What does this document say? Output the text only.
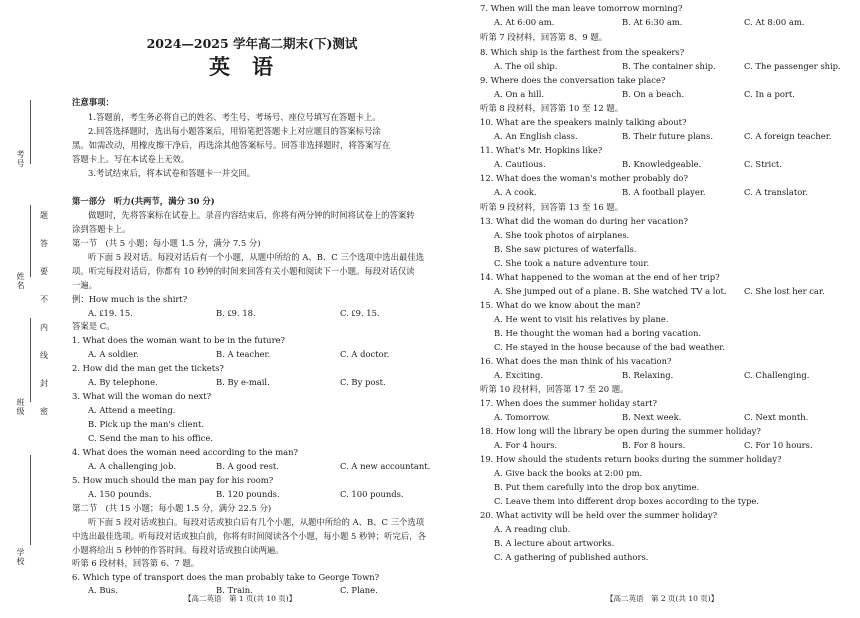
考号
姓名
班级
学校
题
答
要
不
内
线
封
密
2024—2025 学年高二期末(下)测试
英语
注意事项：
1.答题前，考生务必将自己的姓名、考生号、考场号、座位号填写在答题卡上。
2.回答选择题时，选出每小题答案后，用铅笔把答题卡上对应题目的答案标号涂
黑。如需改动，用橡皮擦干净后，再选涂其他答案标号。回答非选择题时，将答案写在
答题卡上。写在本试卷上无效。
3.考试结束后，将本试卷和答题卡一并交回。
第一部分　听力(共两节，满分 30 分)
做题时，先将答案标在试卷上。录音内容结束后，你将有两分钟的时间将试卷上的答案转
涂到答题卡上。
第一节　(共 5 小题；每小题 1.5 分，满分 7.5 分)
听下面 5 段对话。每段对话后有一个小题，从题中所给的 A、B、C 三个选项中选出最佳选
项。听完每段对话后，你都有 10 秒钟的时间来回答有关小题和阅读下一小题。每段对话仅读
一遍。
例：How much is the shirt?
A. ₤19. 15.	B. ₤9. 18.	C. ₤9. 15.
答案是 C。
1. What does the woman want to be in the future?
A. A soldier.	B. A teacher.	C. A doctor.
2. How did the man get the tickets?
A. By telephone.	B. By e-mail.	C. By post.
3. What will the woman do next?
A. Attend a meeting.
B. Pick up the man's client.
C. Send the man to his office.
4. What does the woman need according to the man?
A. A challenging job.	B. A good rest.	C. A new accountant.
5. How much should the man pay for his room?
A. 150 pounds.	B. 120 pounds.	C. 100 pounds.
第二节　(共 15 小题；每小题 1.5 分，满分 22.5 分)
听下面 5 段对话或独白。每段对话或独白后有几个小题，从题中所给的 A、B、C 三个选项
中选出最佳选项。听每段对话或独白前，你将有时间阅读各个小题，每小题 5 秒钟；听完后，各
小题将给出 5 秒钟的作答时间。每段对话或独白读两遍。
听第 6 段材料，回答第 6、7 题。
6. Which type of transport does the man probably take to George Town?
A. Bus.	B. Train.	C. Plane.
【高二英语　第 1 页(共 10 页)】
7. When will the man leave tomorrow morning?
A. At 6:00 am.	B. At 6:30 am.	C. At 8:00 am.
听第 7 段材料，回答第 8、9 题。
8. Which ship is the farthest from the speakers?
A. The oil ship.	B. The container ship.	C. The passenger ship.
9. Where does the conversation take place?
A. On a hill.	B. On a beach.	C. In a port.
听第 8 段材料，回答第 10 至 12 题。
10. What are the speakers mainly talking about?
A. An English class.	B. Their future plans.	C. A foreign teacher.
11. What's Mr. Hopkins like?
A. Cautious.	B. Knowledgeable.	C. Strict.
12. What does the woman's mother probably do?
A. A cook.	B. A football player.	C. A translator.
听第 9 段材料，回答第 13 至 16 题。
13. What did the woman do during her vacation?
A. She took photos of airplanes.
B. She saw pictures of waterfalls.
C. She took a nature adventure tour.
14. What happened to the woman at the end of her trip?
A. She jumped out of a plane. B. She watched TV a lot. C. She lost her car.
15. What do we know about the man?
A. He went to visit his relatives by plane.
B. He thought the woman had a boring vacation.
C. He stayed in the house because of the bad weather.
16. What does the man think of his vacation?
A. Exciting.	B. Relaxing.	C. Challenging.
听第 10 段材料，回答第 17 至 20 题。
17. When does the summer holiday start?
A. Tomorrow.	B. Next week.	C. Next month.
18. How long will the library be open during the summer holiday?
A. For 4 hours.	B. For 8 hours.	C. For 10 hours.
19. How should the students return books during the summer holiday?
A. Give back the books at 2:00 pm.
B. Put them carefully into the drop box anytime.
C. Leave them into different drop boxes according to the type.
20. What activity will be held over the summer holiday?
A. A reading club.
B. A lecture about artworks.
C. A gathering of published authors.
【高二英语　第 2 页(共 10 页)】
